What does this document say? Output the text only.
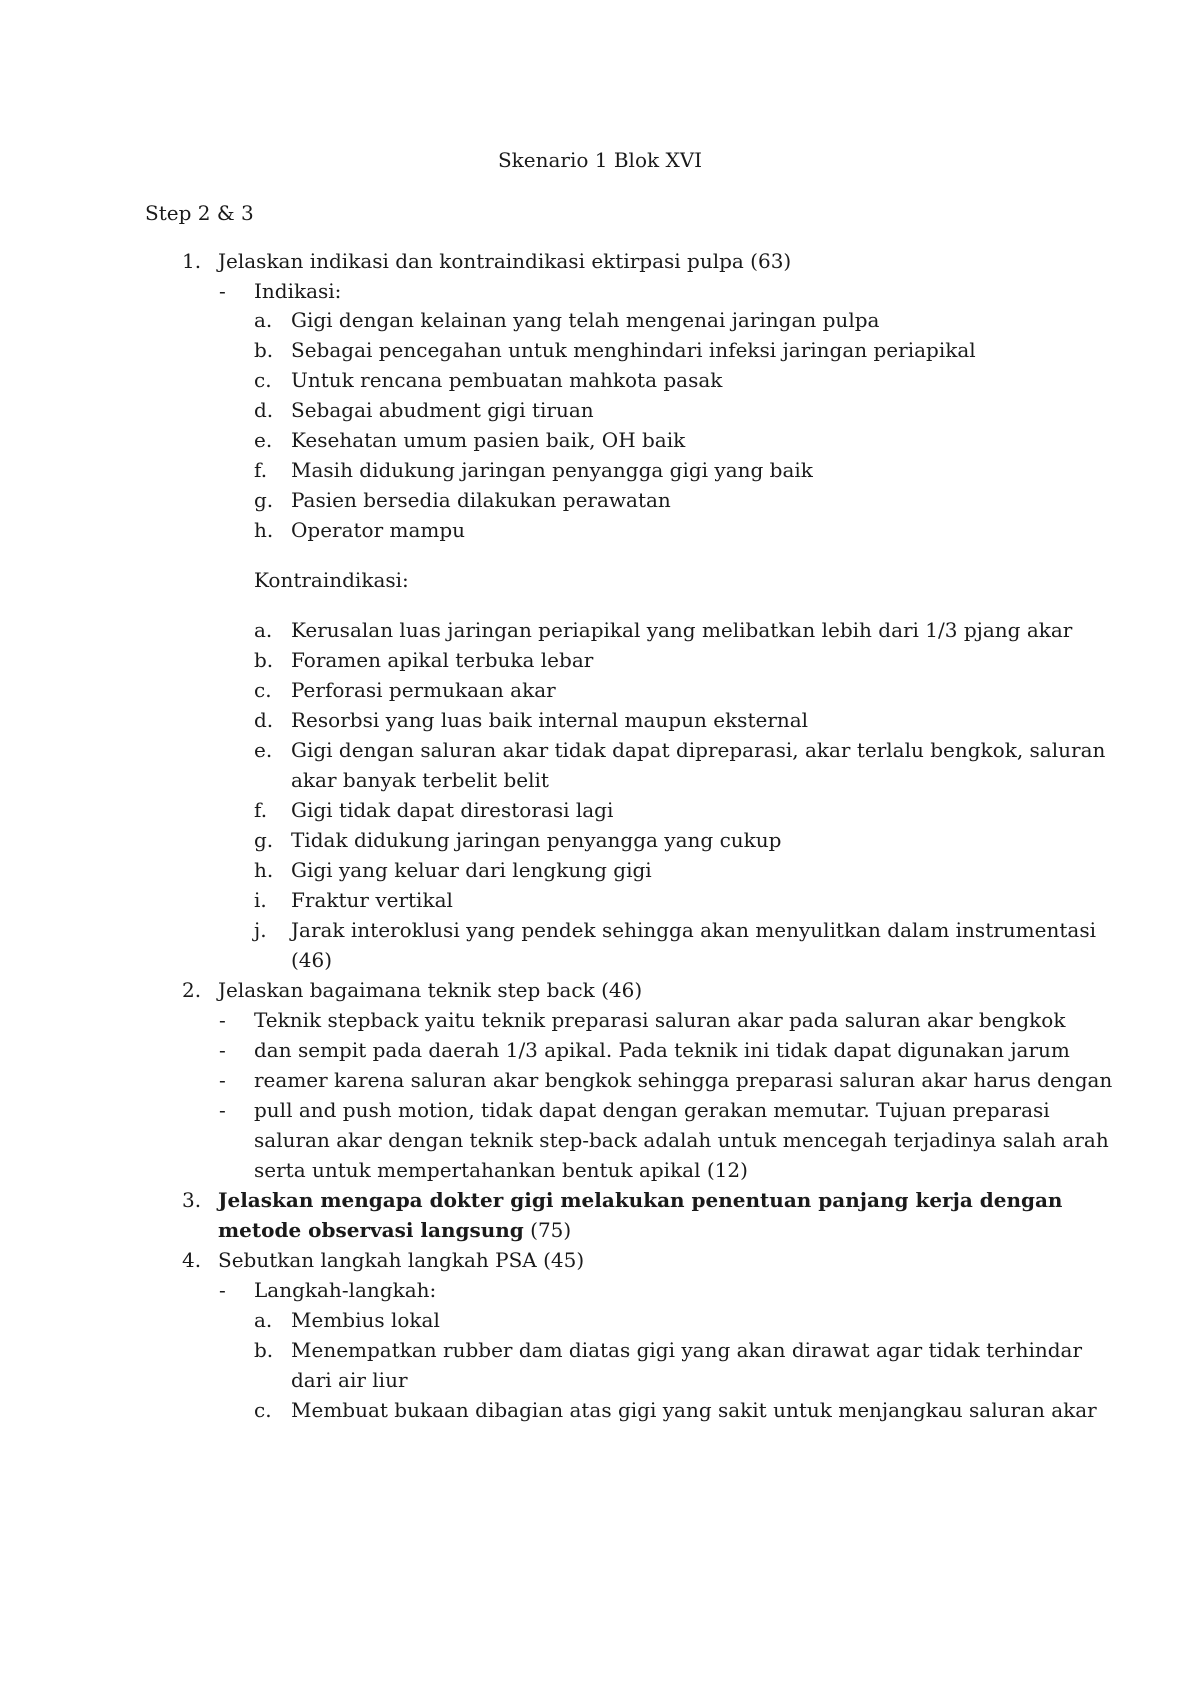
Skenario 1 Blok XVI
Step 2 & 3
1. Jelaskan indikasi dan kontraindikasi ektirpasi pulpa (63)
- Indikasi:
a. Gigi dengan kelainan yang telah mengenai jaringan pulpa
b. Sebagai pencegahan untuk menghindari infeksi jaringan periapikal
c. Untuk rencana pembuatan mahkota pasak
d. Sebagai abudment gigi tiruan
e. Kesehatan umum pasien baik, OH baik
f. Masih didukung jaringan penyangga gigi yang baik
g. Pasien bersedia dilakukan perawatan
h. Operator mampu
Kontraindikasi:
a. Kerusalan luas jaringan periapikal yang melibatkan lebih dari 1/3 pjang akar
b. Foramen apikal terbuka lebar
c. Perforasi permukaan akar
d. Resorbsi yang luas baik internal maupun eksternal
e. Gigi dengan saluran akar tidak dapat dipreparasi, akar terlalu bengkok, saluran
akar banyak terbelit belit
f. Gigi tidak dapat direstorasi lagi
g. Tidak didukung jaringan penyangga yang cukup
h. Gigi yang keluar dari lengkung gigi
i. Fraktur vertikal
j. Jarak interoklusi yang pendek sehingga akan menyulitkan dalam instrumentasi
(46)
2. Jelaskan bagaimana teknik step back (46)
- Teknik stepback yaitu teknik preparasi saluran akar pada saluran akar bengkok
- dan sempit pada daerah 1/3 apikal. Pada teknik ini tidak dapat digunakan jarum
- reamer karena saluran akar bengkok sehingga preparasi saluran akar harus dengan
- pull and push motion, tidak dapat dengan gerakan memutar. Tujuan preparasi
saluran akar dengan teknik step-back adalah untuk mencegah terjadinya salah arah
serta untuk mempertahankan bentuk apikal (12)
3. Jelaskan mengapa dokter gigi melakukan penentuan panjang kerja dengan
metode observasi langsung (75)
4. Sebutkan langkah langkah PSA (45)
- Langkah-langkah:
a. Membius lokal
b. Menempatkan rubber dam diatas gigi yang akan dirawat agar tidak terhindar
dari air liur
c. Membuat bukaan dibagian atas gigi yang sakit untuk menjangkau saluran akar
